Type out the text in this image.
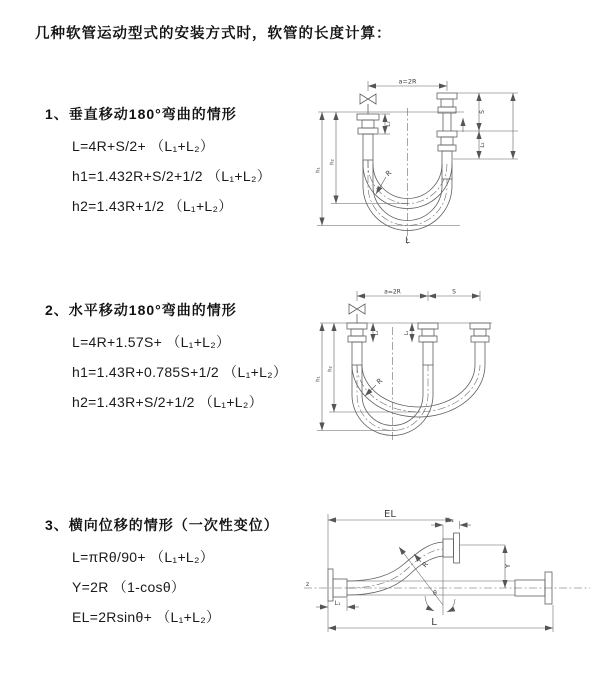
几种软管运动型式的安装方式时，软管的长度计算：
1、垂直移动180°弯曲的情形
L=4R+S/2+ （L₁+L₂）
h1=1.432R+S/2+1/2 （L₁+L₂）
h2=1.43R+1/2 （L₁+L₂）
2、水平移动180°弯曲的情形
L=4R+1.57S+ （L₁+L₂）
h1=1.43R+0.785S+1/2 （L₁+L₂）
h2=1.43R+S/2+1/2 （L₁+L₂）
3、横向位移的情形（一次性变位）
L=πRθ/90+ （L₁+L₂）
Y=2R （1-cosθ）
EL=2Rsinθ+ （L₁+L₂）
a=2R
L₁
S
L₂
h₁
h₂
R
L
a=2R	S
L₁	L₂
h₁
h₂
R
z
L₁
EL
Y
R
θ
L
L₁
